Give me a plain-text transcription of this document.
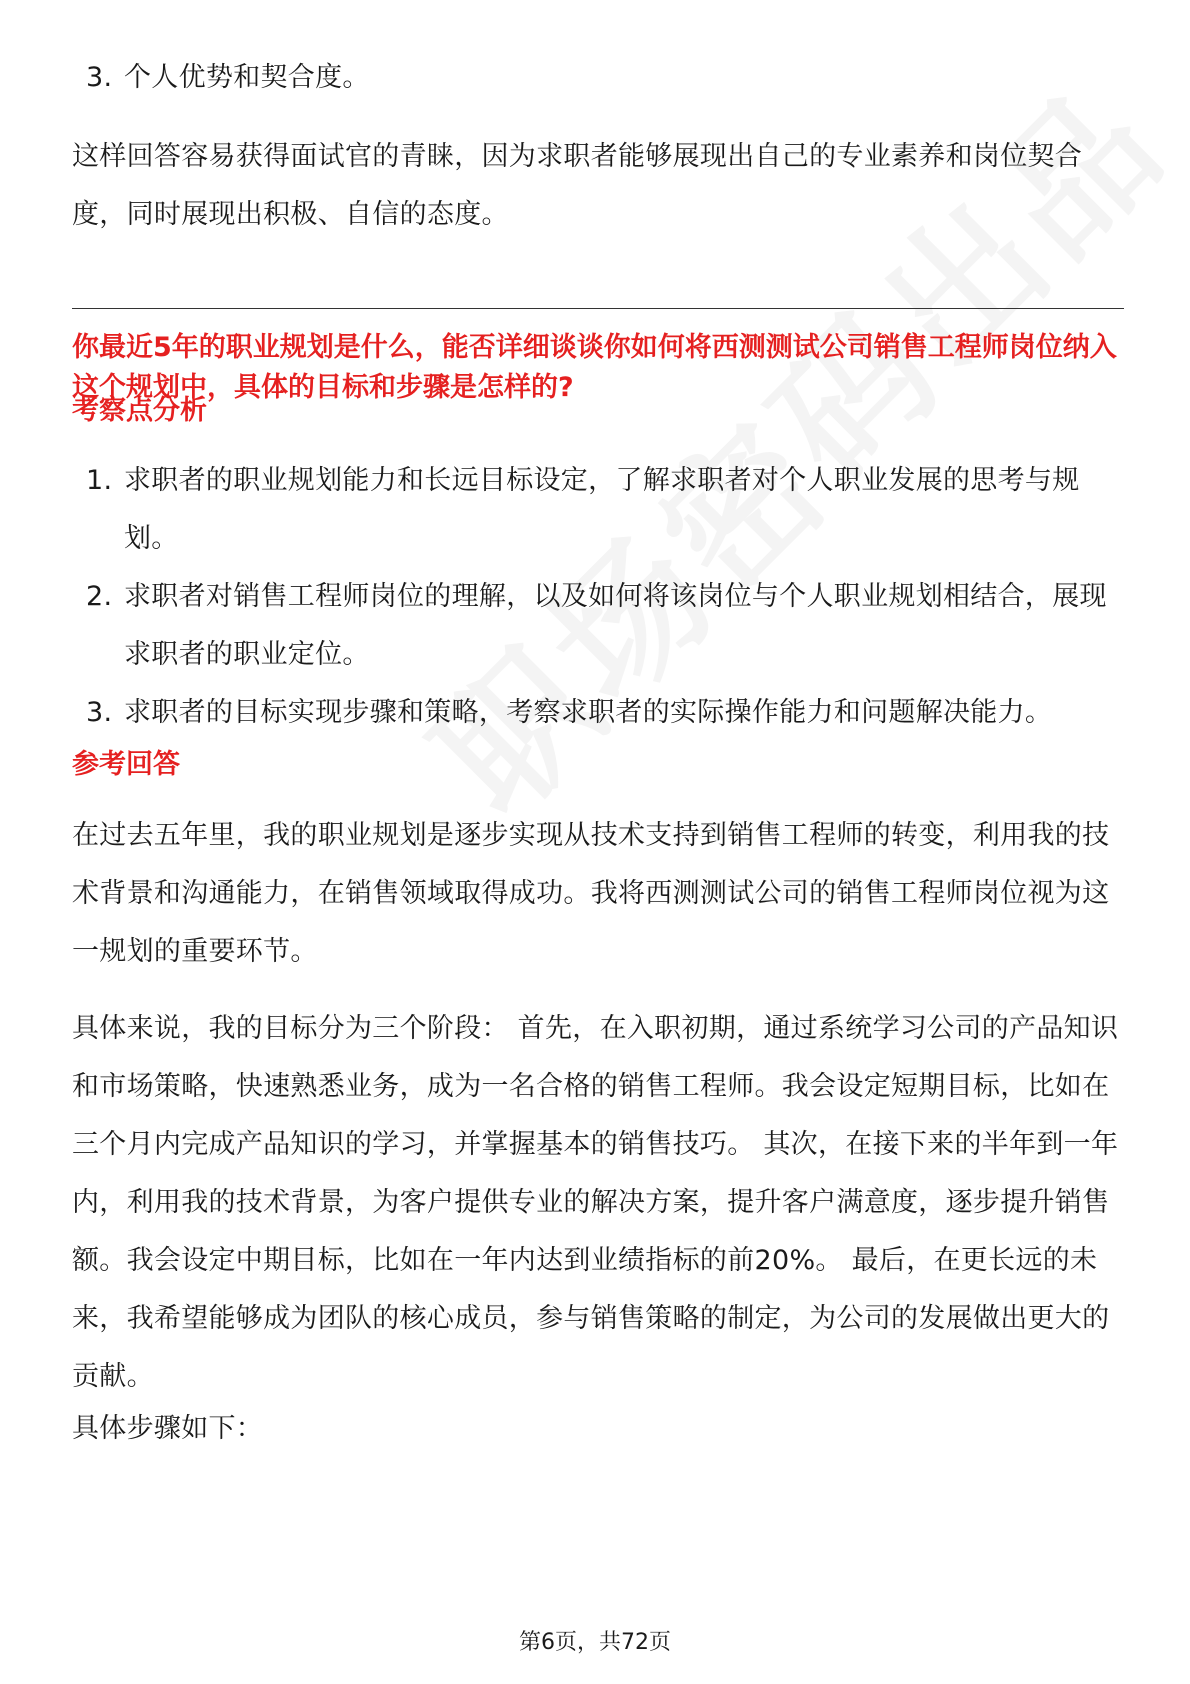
3. 个人优势和契合度。

这样回答容易获得面试官的青睐，因为求职者能够展现出自己的专业素养和岗位契合度，同时展现出积极、自信的态度。

你最近5年的职业规划是什么，能否详细谈谈你如何将西测测试公司销售工程师岗位纳入这个规划中，具体的目标和步骤是怎样的?

考察点分析

1. 求职者的职业规划能力和长远目标设定，了解求职者对个人职业发展的思考与规划。
2. 求职者对销售工程师岗位的理解，以及如何将该岗位与个人职业规划相结合，展现求职者的职业定位。
3. 求职者的目标实现步骤和策略，考察求职者的实际操作能力和问题解决能力。

参考回答

在过去五年里，我的职业规划是逐步实现从技术支持到销售工程师的转变，利用我的技术背景和沟通能力，在销售领域取得成功。我将西测测试公司的销售工程师岗位视为这一规划的重要环节。

具体来说，我的目标分为三个阶段： 首先，在入职初期，通过系统学习公司的产品知识和市场策略，快速熟悉业务，成为一名合格的销售工程师。我会设定短期目标，比如在三个月内完成产品知识的学习，并掌握基本的销售技巧。 其次，在接下来的半年到一年内，利用我的技术背景，为客户提供专业的解决方案，提升客户满意度，逐步提升销售额。我会设定中期目标，比如在一年内达到业绩指标的前20%。 最后，在更长远的未来，我希望能够成为团队的核心成员，参与销售策略的制定，为公司的发展做出更大的贡献。

具体步骤如下：

第6页，共72页
